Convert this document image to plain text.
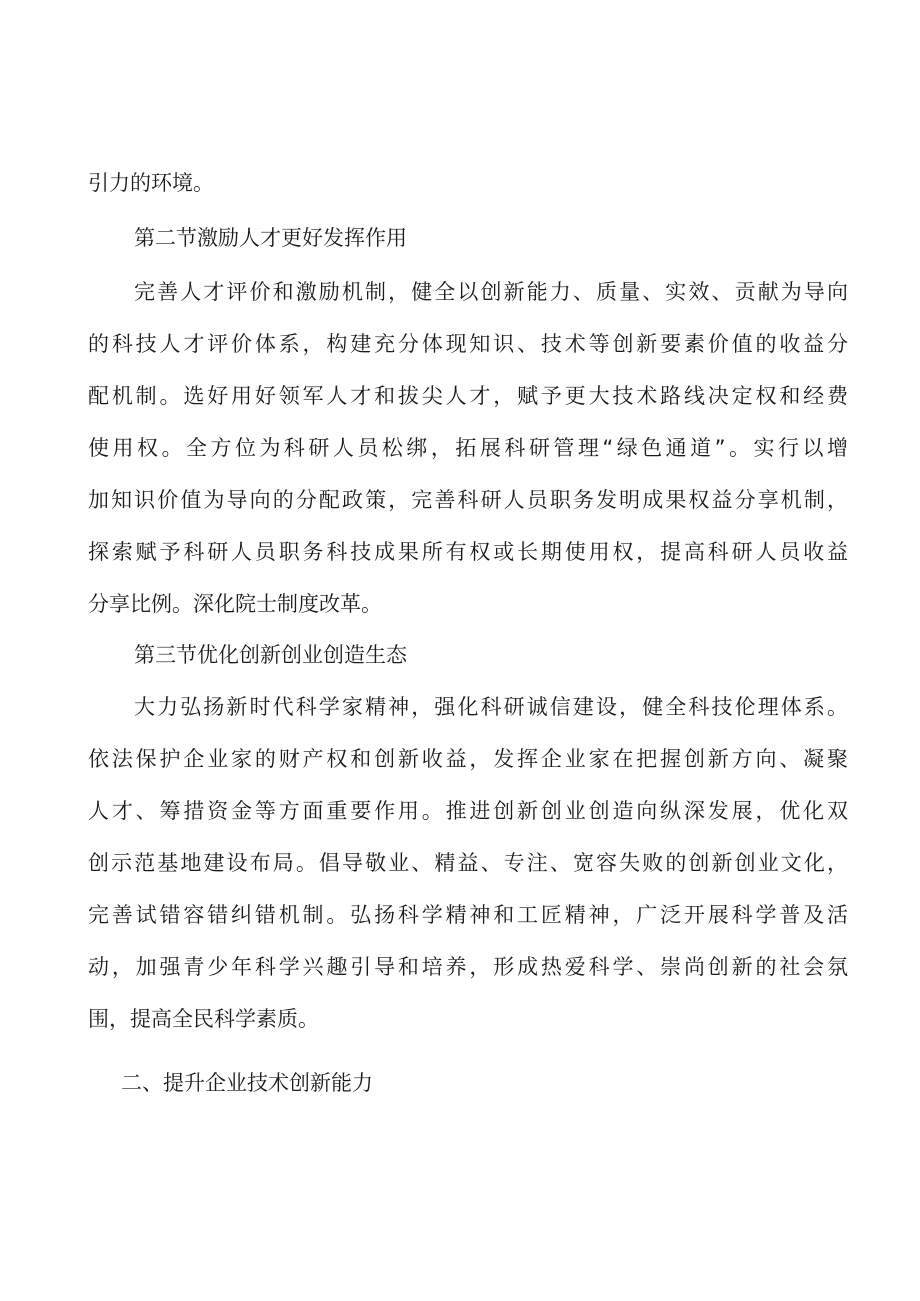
引力的环境。
第二节激励人才更好发挥作用
完善人才评价和激励机制，健全以创新能力、质量、实效、贡献为导向
的科技人才评价体系，构建充分体现知识、技术等创新要素价值的收益分
配机制。选好用好领军人才和拔尖人才，赋予更大技术路线决定权和经费
使用权。全方位为科研人员松绑，拓展科研管理“绿色通道”。实行以增
加知识价值为导向的分配政策，完善科研人员职务发明成果权益分享机制，
探索赋予科研人员职务科技成果所有权或长期使用权，提高科研人员收益
分享比例。深化院士制度改革。
第三节优化创新创业创造生态
大力弘扬新时代科学家精神，强化科研诚信建设，健全科技伦理体系。
依法保护企业家的财产权和创新收益，发挥企业家在把握创新方向、凝聚
人才、筹措资金等方面重要作用。推进创新创业创造向纵深发展，优化双
创示范基地建设布局。倡导敬业、精益、专注、宽容失败的创新创业文化，
完善试错容错纠错机制。弘扬科学精神和工匠精神，广泛开展科学普及活
动，加强青少年科学兴趣引导和培养，形成热爱科学、崇尚创新的社会氛
围，提高全民科学素质。
二、提升企业技术创新能力
